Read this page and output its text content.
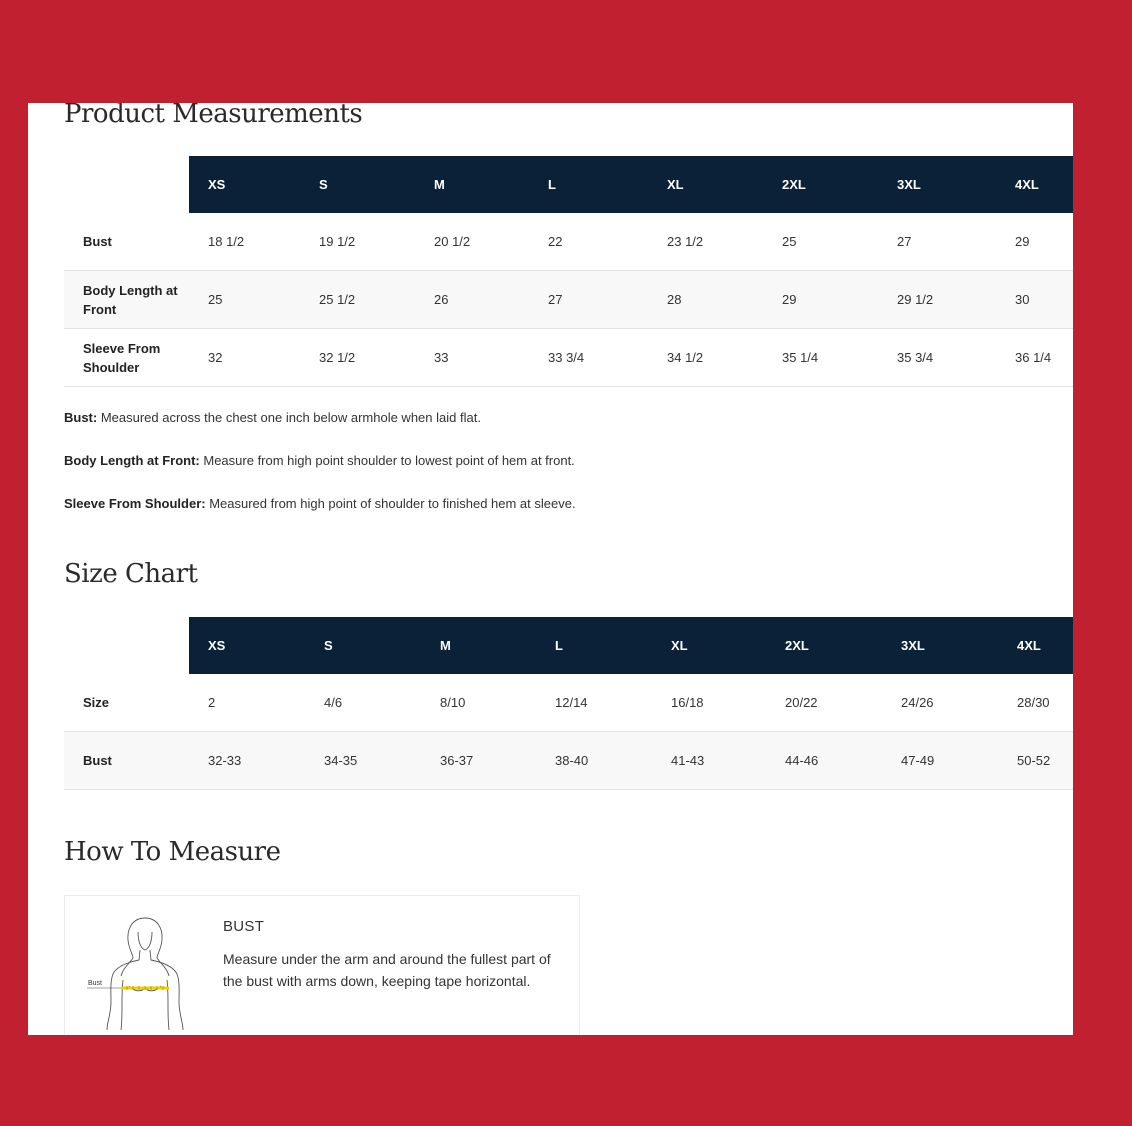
Product Measurements
	XS	S	M	L	XL	2XL	3XL	4XL
Bust	18 1/2	19 1/2	20 1/2	22	23 1/2	25	27	29
Body Length at Front	25	25 1/2	26	27	28	29	29 1/2	30
Sleeve From Shoulder	32	32 1/2	33	33 3/4	34 1/2	35 1/4	35 3/4	36 1/4

Bust: Measured across the chest one inch below armhole when laid flat.

Body Length at Front: Measure from high point shoulder to lowest point of hem at front.

Sleeve From Shoulder: Measured from high point of shoulder to finished hem at sleeve.

Size Chart
	XS	S	M	L	XL	2XL	3XL	4XL
Size	2	4/6	8/10	12/14	16/18	20/22	24/26	28/30
Bust	32-33	34-35	36-37	38-40	41-43	44-46	47-49	50-52
How To Measure
Bust
BUST
Measure under the arm and around the fullest part of the bust with arms down, keeping tape horizontal.
